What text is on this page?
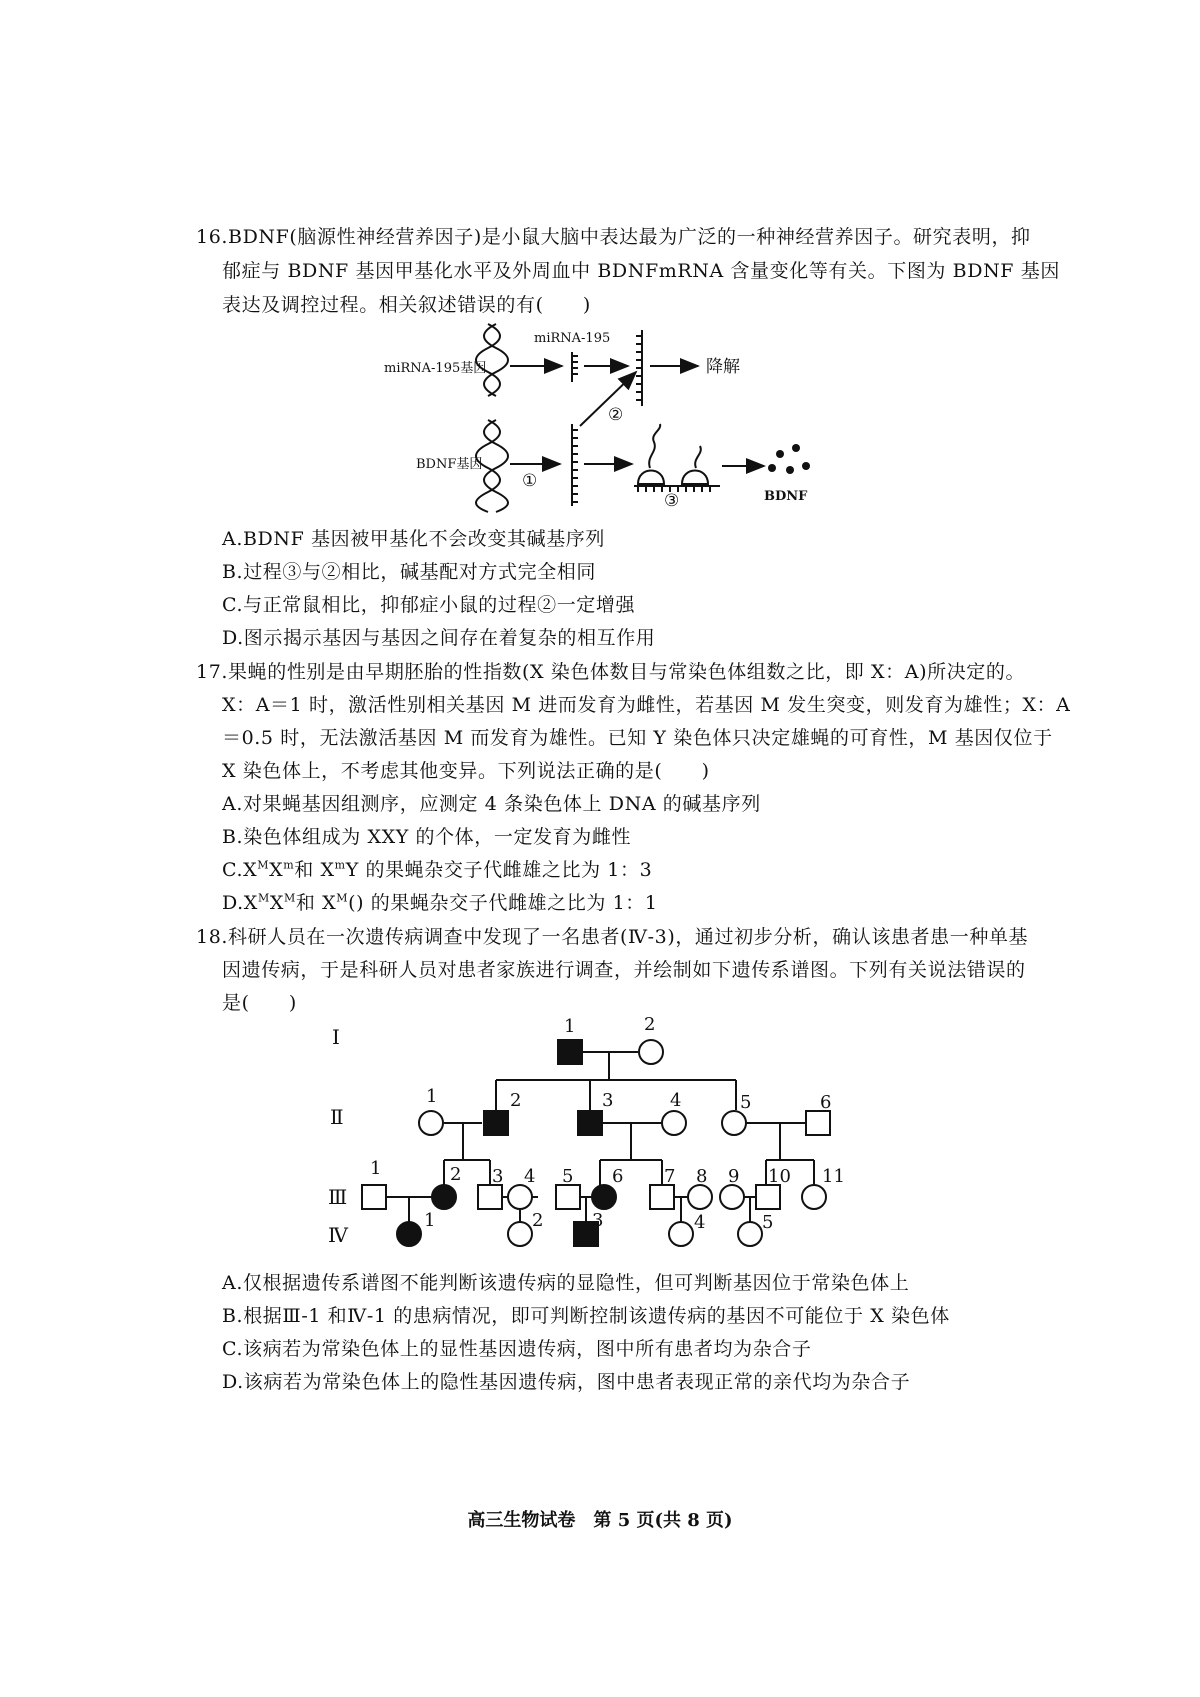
16.BDNF(脑源性神经营养因子)是小鼠大脑中表达最为广泛的一种神经营养因子。研究表明，抑
郁症与 BDNF 基因甲基化水平及外周血中 BDNFmRNA 含量变化等有关。下图为 BDNF 基因
表达及调控过程。相关叙述错误的有(　　)
miRNA-195基因
miRNA-195
降解
BDNF基因
①
②
③	BDNF
A.BDNF 基因被甲基化不会改变其碱基序列
B.过程③与②相比，碱基配对方式完全相同
C.与正常鼠相比，抑郁症小鼠的过程②一定增强
D.图示揭示基因与基因之间存在着复杂的相互作用
17.果蝇的性别是由早期胚胎的性指数(X 染色体数目与常染色体组数之比，即 X：A)所决定的。
X：A＝1 时，激活性别相关基因 M 进而发育为雌性，若基因 M 发生突变，则发育为雄性；X：A
＝0.5 时，无法激活基因 M 而发育为雄性。已知 Y 染色体只决定雄蝇的可育性，M 基因仅位于
X 染色体上，不考虑其他变异。下列说法正确的是(　　)
A.对果蝇基因组测序，应测定 4 条染色体上 DNA 的碱基序列
B.染色体组成为 XXY 的个体，一定发育为雌性
$C.X^MX^m$和 $X^mY$ 的果蝇杂交子代雌雄之比为 1：3
$D.X^MX^M$和 $X^M()$ 的果蝇杂交子代雌雄之比为 1：1
18.科研人员在一次遗传病调查中发现了一名患者(Ⅳ-3)，通过初步分析，确认该患者患一种单基
因遗传病，于是科研人员对患者家族进行调查，并绘制如下遗传系谱图。下列有关说法错误的
是(　　)
Ⅰ
Ⅱ
Ⅲ
Ⅳ
1	2
1	2	3	4	5	6
1	2 3 4 5 6 7 8 9 10 11
1	2	3	4	5
A.仅根据遗传系谱图不能判断该遗传病的显隐性，但可判断基因位于常染色体上
B.根据Ⅲ-1 和Ⅳ-1 的患病情况，即可判断控制该遗传病的基因不可能位于 X 染色体
C.该病若为常染色体上的显性基因遗传病，图中所有患者均为杂合子
D.该病若为常染色体上的隐性基因遗传病，图中患者表现正常的亲代均为杂合子
高三生物试卷　第 5 页(共 8 页)
